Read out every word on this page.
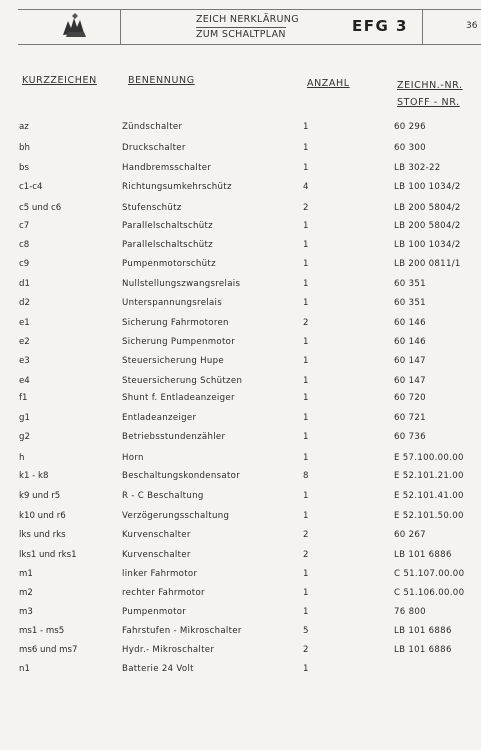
ZEICH NERKLÄRUNG
ZUM SCHALTPLAN	EFG 3	36
KURZZEICHEN	BENENNUNG	ANZAHL	ZEICHN.-NR.
STOFF - NR.
az	Zündschalter	1	60 296
bh	Druckschalter	1	60 300
bs	Handbremsschalter	1	LB 302-22
c1-c4	Richtungsumkehrschütz	4	LB 100 1034/2
c5 und c6	Stufenschütz	2	LB 200 5804/2
c7	Parallelschaltschütz	1	LB 200 5804/2
c8	Parallelschaltschütz	1	LB 100 1034/2
c9	Pumpenmotorschütz	1	LB 200 0811/1
d1	Nullstellungszwangsrelais	1	60 351
d2	Unterspannungsrelais	1	60 351
e1	Sicherung Fahrmotoren	2	60 146
e2	Sicherung Pumpenmotor	1	60 146
e3	Steuersicherung Hupe	1	60 147
e4	Steuersicherung Schützen	1	60 147
f1	Shunt f. Entladeanzeiger	1	60 720
g1	Entladeanzeiger	1	60 721
g2	Betriebsstundenzähler	1	60 736
h	Horn	1	E 57.100.00.00
k1 - k8	Beschaltungskondensator	8	E 52.101.21.00
k9 und r5	R - C Beschaltung	1	E 52.101.41.00
k10 und r6	Verzögerungsschaltung	1	E 52.101.50.00
lks und rks	Kurvenschalter	2	60 267
lks1 und rks1	Kurvenschalter	2	LB 101 6886
m1	linker Fahrmotor	1	C 51.107.00.00
m2	rechter Fahrmotor	1	C 51.106.00.00
m3	Pumpenmotor	1	76 800
ms1 - ms5	Fahrstufen - Mikroschalter	5	LB 101 6886
ms6 und ms7	Hydr.- Mikroschalter	2	LB 101 6886
n1	Batterie 24 Volt	1
